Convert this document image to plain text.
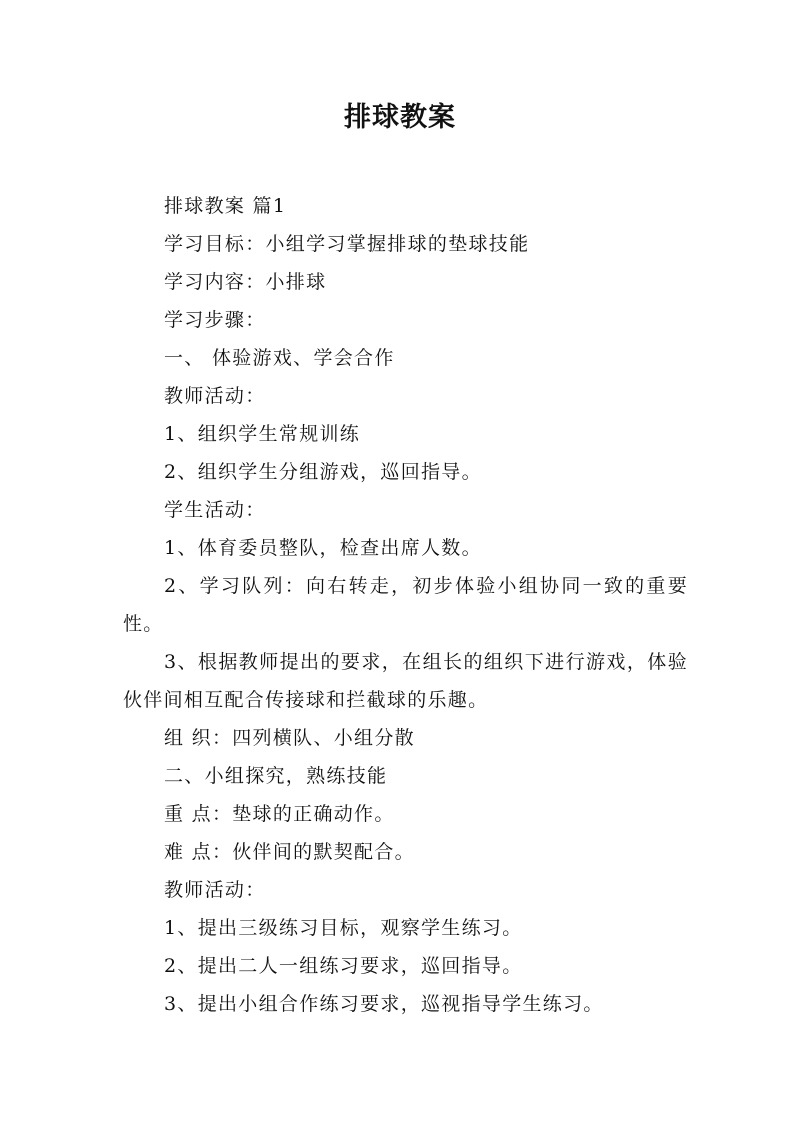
排球教案

排球教案 篇1

学习目标：小组学习掌握排球的垫球技能

学习内容：小排球

学习步骤：

一、 体验游戏、学会合作

教师活动：

1、组织学生常规训练

2、组织学生分组游戏，巡回指导。

学生活动：

1、体育委员整队，检查出席人数。

2、学习队列：向右转走，初步体验小组协同一致的重要性。

3、根据教师提出的要求，在组长的组织下进行游戏，体验伙伴间相互配合传接球和拦截球的乐趣。

组 织：四列横队、小组分散

二、小组探究，熟练技能

重 点：垫球的正确动作。

难 点：伙伴间的默契配合。

教师活动：

1、提出三级练习目标，观察学生练习。

2、提出二人一组练习要求，巡回指导。

3、提出小组合作练习要求，巡视指导学生练习。
